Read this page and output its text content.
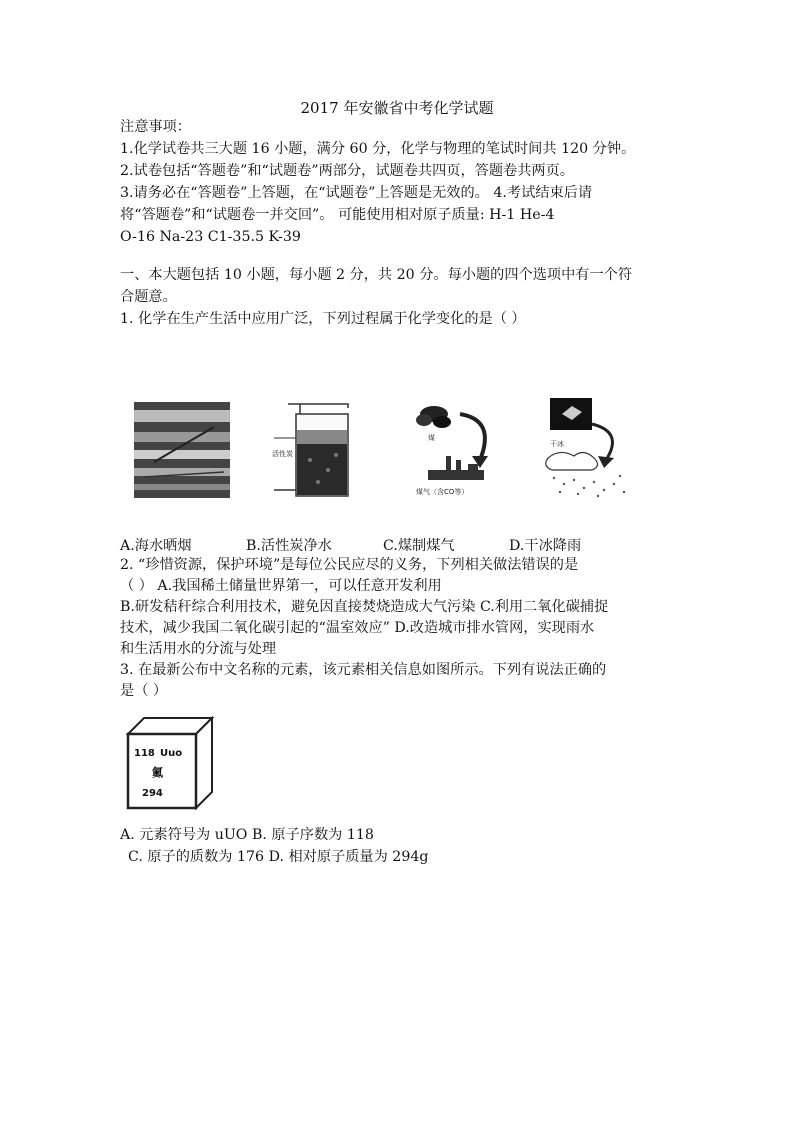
2017 年安徽省中考化学试题
注意事项：
1.化学试卷共三大题 16 小题，满分 60 分，化学与物理的笔试时间共 120 分钟。
2.试卷包括“答题卷”和“试题卷”两部分，试题卷共四页，答题卷共两页。
3.请务必在“答题卷”上答题，在“试题卷”上答题是无效的。 4.考试结束后请
将“答题卷”和“试题卷一并交回”。 可能使用相对原子质量: H-1 He-4
O-16 Na-23 C1-35.5 K-39
一、本大题包括 10 小题，每小题 2 分，共 20 分。每小题的四个选项中有一个符
合题意。
1. 化学在生产生活中应用广泛，下列过程属于化学变化的是（ ）
活性炭
煤
煤气（含CO等）
干冰
A.海水晒烟	B.活性炭净水	C.煤制煤气	D.干冰降雨
2. “珍惜资源，保护环境”是每位公民应尽的义务，下列相关做法错误的是
（ ） A.我国稀土储量世界第一，可以任意开发利用
B.研发秸秆综合利用技术，避免因直接焚烧造成大气污染 C.利用二氧化碳捕捉
技术，减少我国二氧化碳引起的“温室效应” D.改造城市排水管网，实现雨水
和生活用水的分流与处理
3. 在最新公布中文名称的元素，该元素相关信息如图所示。下列有说法正确的
是（ ）
118 Uuo
鿫
294
A. 元素符号为 uUO B. 原子序数为 118
C. 原子的质数为 176 D. 相对原子质量为 294g
